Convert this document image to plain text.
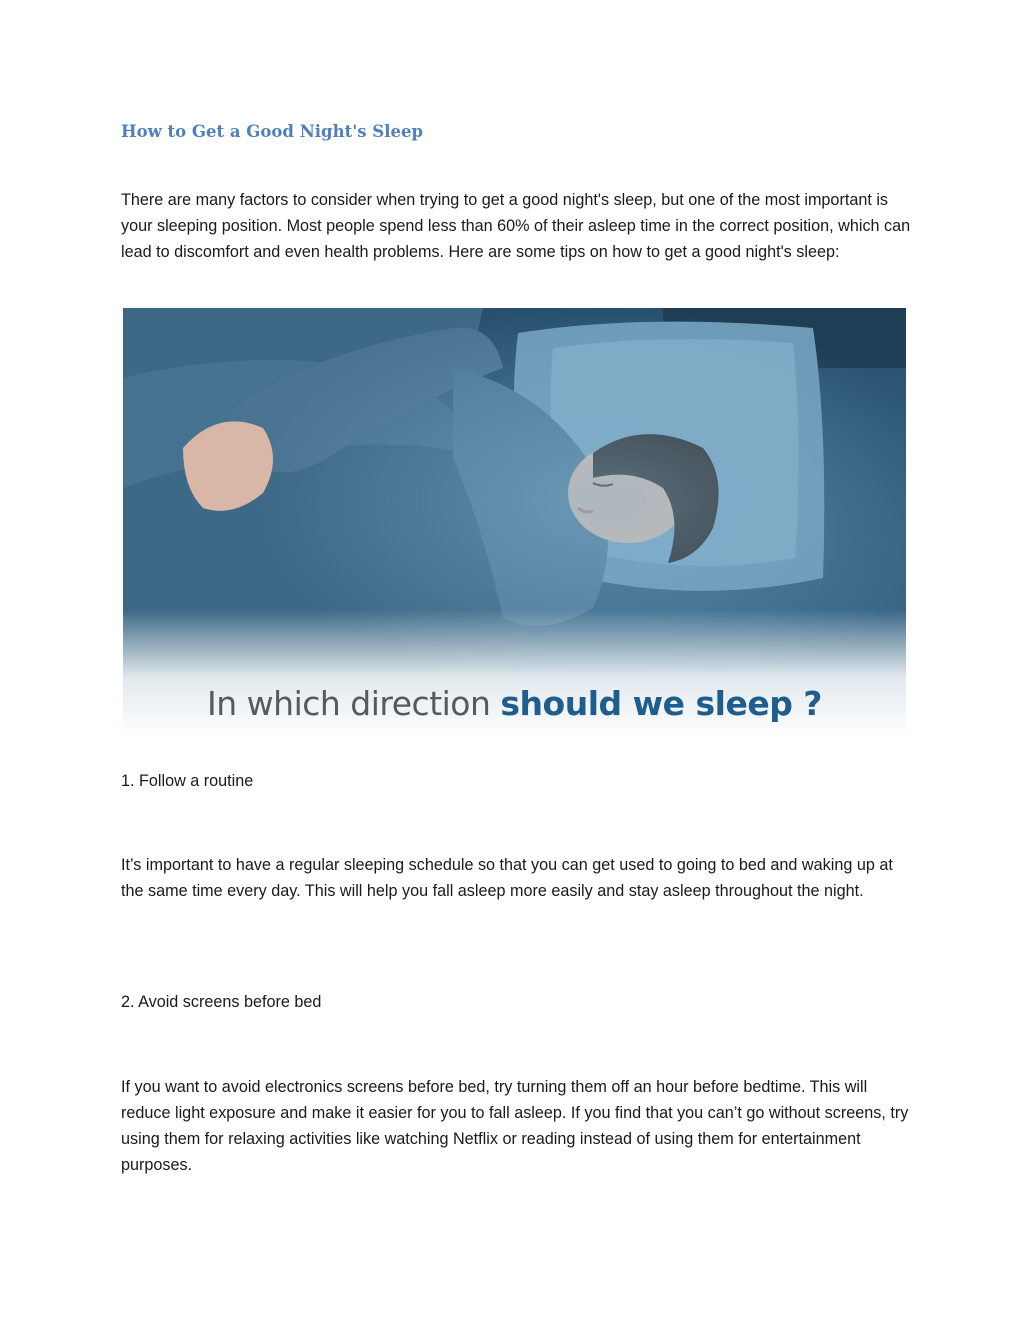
How to Get a Good Night's Sleep

There are many factors to consider when trying to get a good night's sleep, but one of the most important is your sleeping position. Most people spend less than 60% of their asleep time in the correct position, which can lead to discomfort and even health problems. Here are some tips on how to get a good night's sleep:

In which direction should we sleep ?

1. Follow a routine

It’s important to have a regular sleeping schedule so that you can get used to going to bed and waking up at the same time every day. This will help you fall asleep more easily and stay asleep throughout the night.

2. Avoid screens before bed

If you want to avoid electronics screens before bed, try turning them off an hour before bedtime. This will reduce light exposure and make it easier for you to fall asleep. If you find that you can’t go without screens, try using them for relaxing activities like watching Netflix or reading instead of using them for entertainment purposes.
